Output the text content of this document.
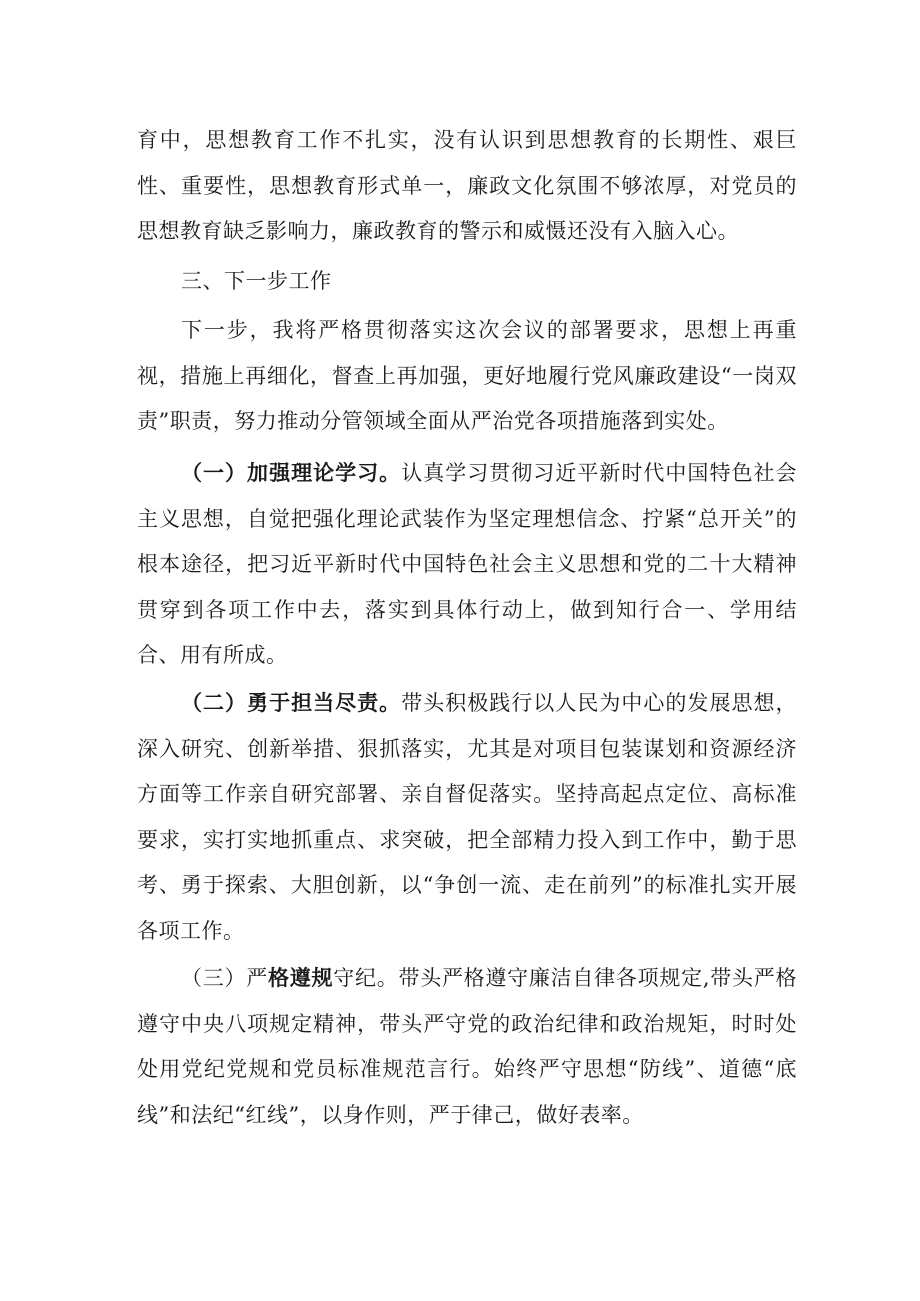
育中，思想教育工作不扎实，没有认识到思想教育的长期性、艰巨性、重要性，思想教育形式单一，廉政文化氛围不够浓厚，对党员的思想教育缺乏影响力，廉政教育的警示和威慑还没有入脑入心。

三、下一步工作

下一步，我将严格贯彻落实这次会议的部署要求，思想上再重视，措施上再细化，督查上再加强，更好地履行党风廉政建设“一岗双责”职责，努力推动分管领域全面从严治党各项措施落到实处。

（一）加强理论学习。认真学习贯彻习近平新时代中国特色社会主义思想，自觉把强化理论武装作为坚定理想信念、拧紧“总开关”的根本途径，把习近平新时代中国特色社会主义思想和党的二十大精神贯穿到各项工作中去，落实到具体行动上，做到知行合一、学用结合、用有所成。

（二）勇于担当尽责。带头积极践行以人民为中心的发展思想，深入研究、创新举措、狠抓落实，尤其是对项目包装谋划和资源经济方面等工作亲自研究部署、亲自督促落实。坚持高起点定位、高标准要求，实打实地抓重点、求突破，把全部精力投入到工作中，勤于思考、勇于探索、大胆创新，以“争创一流、走在前列”的标准扎实开展各项工作。

（三）严格遵规守纪。带头严格遵守廉洁自律各项规定,带头严格遵守中央八项规定精神，带头严守党的政治纪律和政治规矩，时时处处用党纪党规和党员标准规范言行。始终严守思想“防线”、道德“底线”和法纪“红线”，以身作则，严于律己，做好表率。
